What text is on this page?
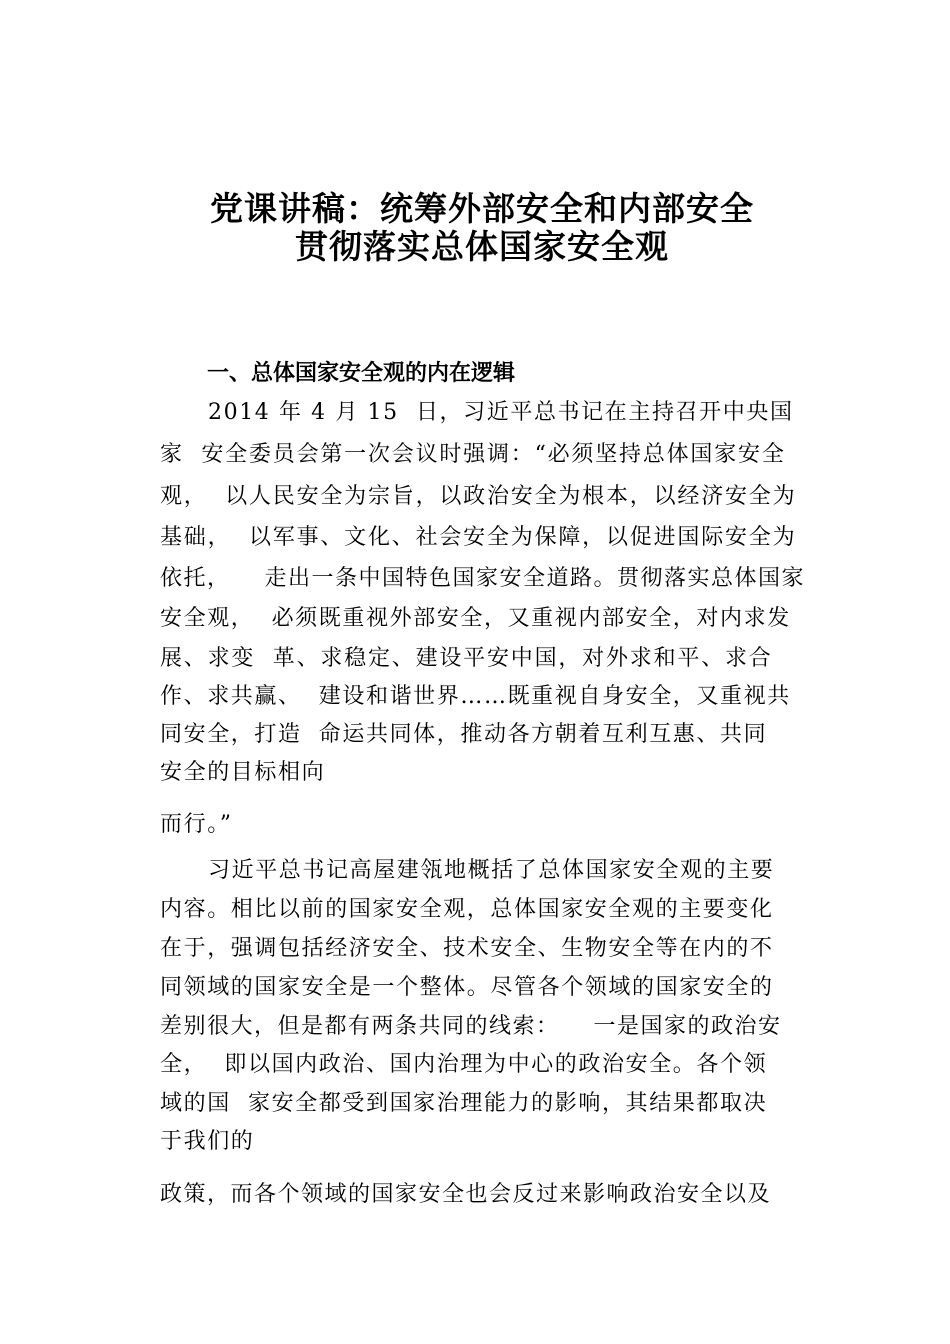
党课讲稿：统筹外部安全和内部安全
贯彻落实总体国家安全观
一、总体国家安全观的内在逻辑
2014 年 4 月 15  日，习近平总书记在主持召开中央国
家  安全委员会第一次会议时强调：“必须坚持总体国家安全
观，  以人民安全为宗旨，以政治安全为根本，以经济安全为
基础，  以军事、文化、社会安全为保障，以促进国际安全为
依托，    走出一条中国特色国家安全道路。贯彻落实总体国家
安全观，  必须既重视外部安全，又重视内部安全，对内求发
展、求变  革、求稳定、建设平安中国，对外求和平、求合
作、求共赢、  建设和谐世界……既重视自身安全，又重视共
同安全，打造  命运共同体，推动各方朝着互利互惠、共同
安全的目标相向
而行。”
习近平总书记高屋建瓴地概括了总体国家安全观的主要
内容。相比以前的国家安全观，总体国家安全观的主要变化
在于，强调包括经济安全、技术安全、生物安全等在内的不
同领域的国家安全是一个整体。尽管各个领域的国家安全的
差别很大，但是都有两条共同的线索：    一是国家的政治安
全，  即以国内政治、国内治理为中心的政治安全。各个领
域的国  家安全都受到国家治理能力的影响，其结果都取决
于我们的
政策，而各个领域的国家安全也会反过来影响政治安全以及
